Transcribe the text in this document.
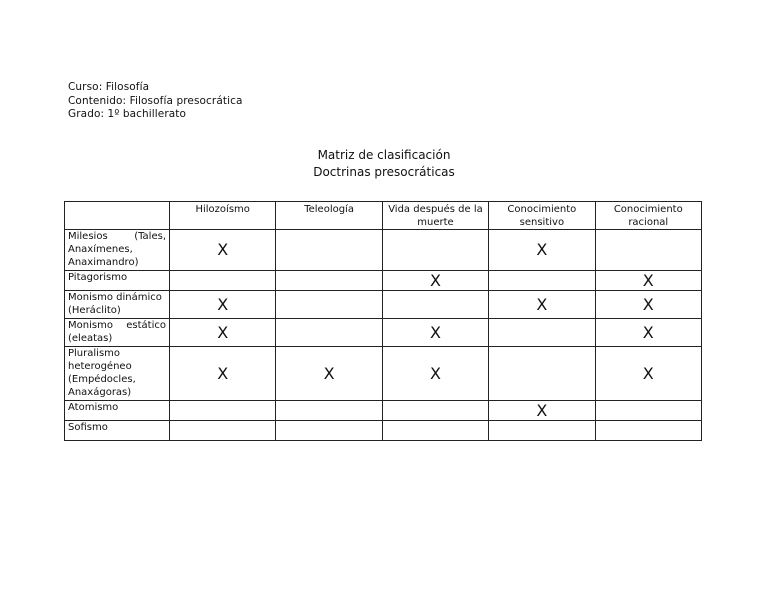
Curso: Filosofía
Contenido: Filosofía presocrática
Grado: 1º bachillerato
Matriz de clasificación
Doctrinas presocráticas
	Hilozoísmo	Teleología	Vida después de la muerte	Conocimiento sensitivo	Conocimiento racional
Milesios (Tales, Anaxímenes, Anaximandro)	X			X	
Pitagorismo			X		X
Monismo dinámico (Heráclito)	X			X	X
Monismo estático (eleatas)	X		X		X
Pluralismo heterogéneo (Empédocles, Anaxágoras)	X	X	X		X
Atomismo				X	
Sofismo					
